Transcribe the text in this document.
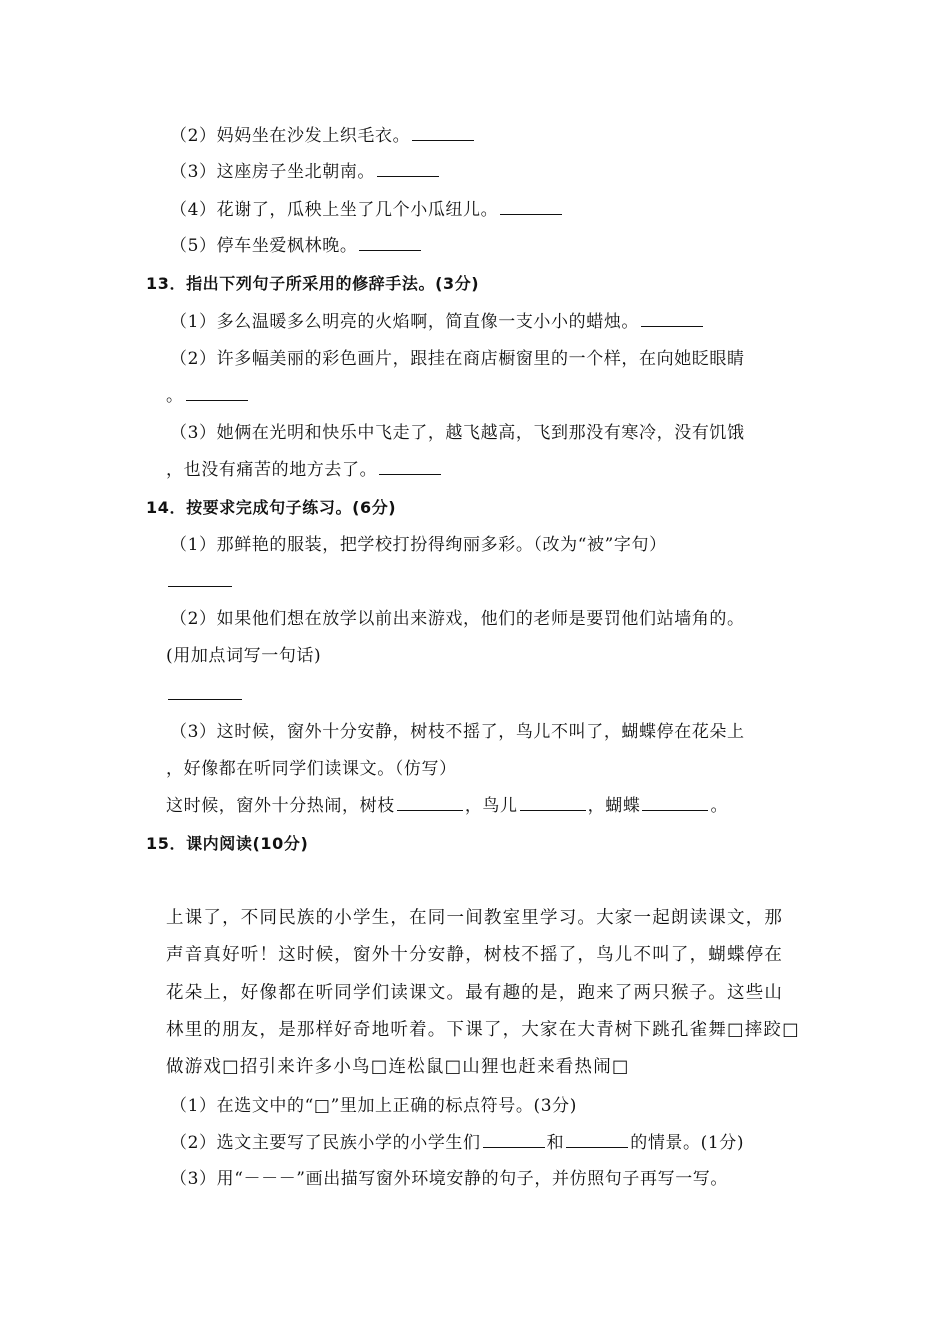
（2）妈妈坐在沙发上织毛衣。
（3）这座房子坐北朝南。
（4）花谢了，瓜秧上坐了几个小瓜纽儿。
（5）停车坐爱枫林晚。
13．指出下列句子所采用的修辞手法。(3分)
（1）多么温暖多么明亮的火焰啊，简直像一支小小的蜡烛。
（2）许多幅美丽的彩色画片，跟挂在商店橱窗里的一个样，在向她眨眼睛
。
（3）她俩在光明和快乐中飞走了，越飞越高，飞到那没有寒冷，没有饥饿
，也没有痛苦的地方去了。
14．按要求完成句子练习。(6分)
（1）那鲜艳的服装，把学校打扮得绚丽多彩。（改为“被”字句）
（2）如果他们想在放学以前出来游戏，他们的老师是要罚他们站墙角的。
(用加点词写一句话)
（3）这时候，窗外十分安静，树枝不摇了，鸟儿不叫了，蝴蝶停在花朵上
，好像都在听同学们读课文。（仿写）
这时候，窗外十分热闹，树枝	，鸟儿	，蝴蝶	。
15．课内阅读(10分)
上课了，不同民族的小学生，在同一间教室里学习。大家一起朗读课文，那
声音真好听！这时候，窗外十分安静，树枝不摇了，鸟儿不叫了，蝴蝶停在
花朵上，好像都在听同学们读课文。最有趣的是，跑来了两只猴子。这些山
林里的朋友，是那样好奇地听着。下课了，大家在大青树下跳孔雀舞□摔跤□
做游戏□招引来许多小鸟□连松鼠□山狸也赶来看热闹□
（1）在选文中的“□”里加上正确的标点符号。(3分)
（2）选文主要写了民族小学的小学生们	和	的情景。(1分)
（3）用“－－－”画出描写窗外环境安静的句子，并仿照句子再写一写。
